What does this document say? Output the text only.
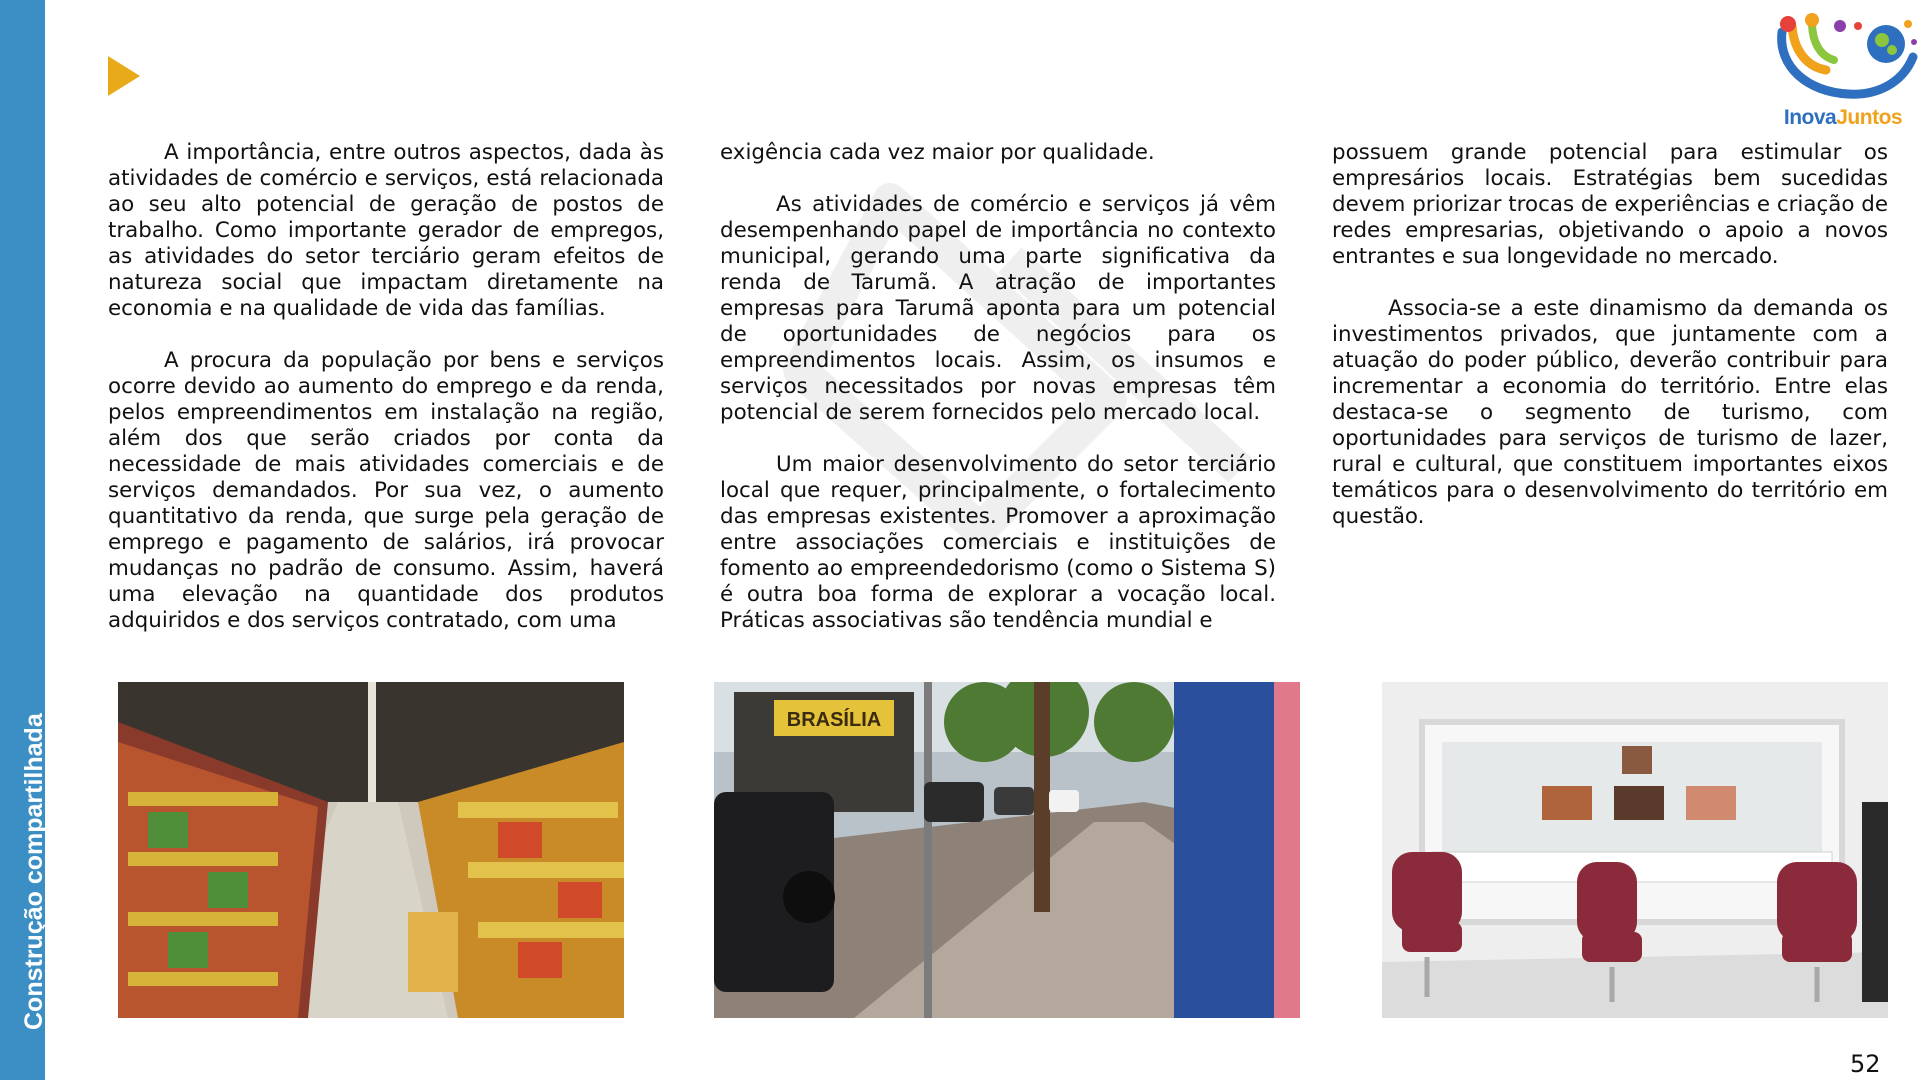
Construção compartilhada
InovaJuntos

A importância, entre outros aspectos, dada às atividades de comércio e serviços, está relacionada ao seu alto potencial de geração de postos de trabalho. Como importante gerador de empregos, as atividades do setor terciário geram efeitos de natureza social que impactam diretamente na economia e na qualidade de vida das famílias.

A procura da população por bens e serviços ocorre devido ao aumento do emprego e da renda, pelos empreendimentos em instalação na região, além dos que serão criados por conta da necessidade de mais atividades comerciais e de serviços demandados. Por sua vez, o aumento quantitativo da renda, que surge pela geração de emprego e pagamento de salários, irá provocar mudanças no padrão de consumo. Assim, haverá uma elevação na quantidade dos produtos adquiridos e dos serviços contratado, com uma

exigência cada vez maior por qualidade.

As atividades de comércio e serviços já vêm desempenhando papel de importância no contexto municipal, gerando uma parte significativa da renda de Tarumã. A atração de importantes empresas para Tarumã aponta para um potencial de oportunidades de negócios para os empreendimentos locais. Assim, os insumos e serviços necessitados por novas empresas têm potencial de serem fornecidos pelo mercado local.

Um maior desenvolvimento do setor terciário local que requer, principalmente, o fortalecimento das empresas existentes. Promover a aproximação entre associações comerciais e instituições de fomento ao empreendedorismo (como o Sistema S) é outra boa forma de explorar a vocação local. Práticas associativas são tendência mundial e

possuem grande potencial para estimular os empresários locais. Estratégias bem sucedidas devem priorizar trocas de experiências e criação de redes empresarias, objetivando o apoio a novos entrantes e sua longevidade no mercado.

Associa-se a este dinamismo da demanda os investimentos privados, que juntamente com a atuação do poder público, deverão contribuir para incrementar a economia do território. Entre elas destaca-se o segmento de turismo, com oportunidades para serviços de turismo de lazer, rural e cultural, que constituem importantes eixos temáticos para o desenvolvimento do território em questão.

BRASÍLIA
52
